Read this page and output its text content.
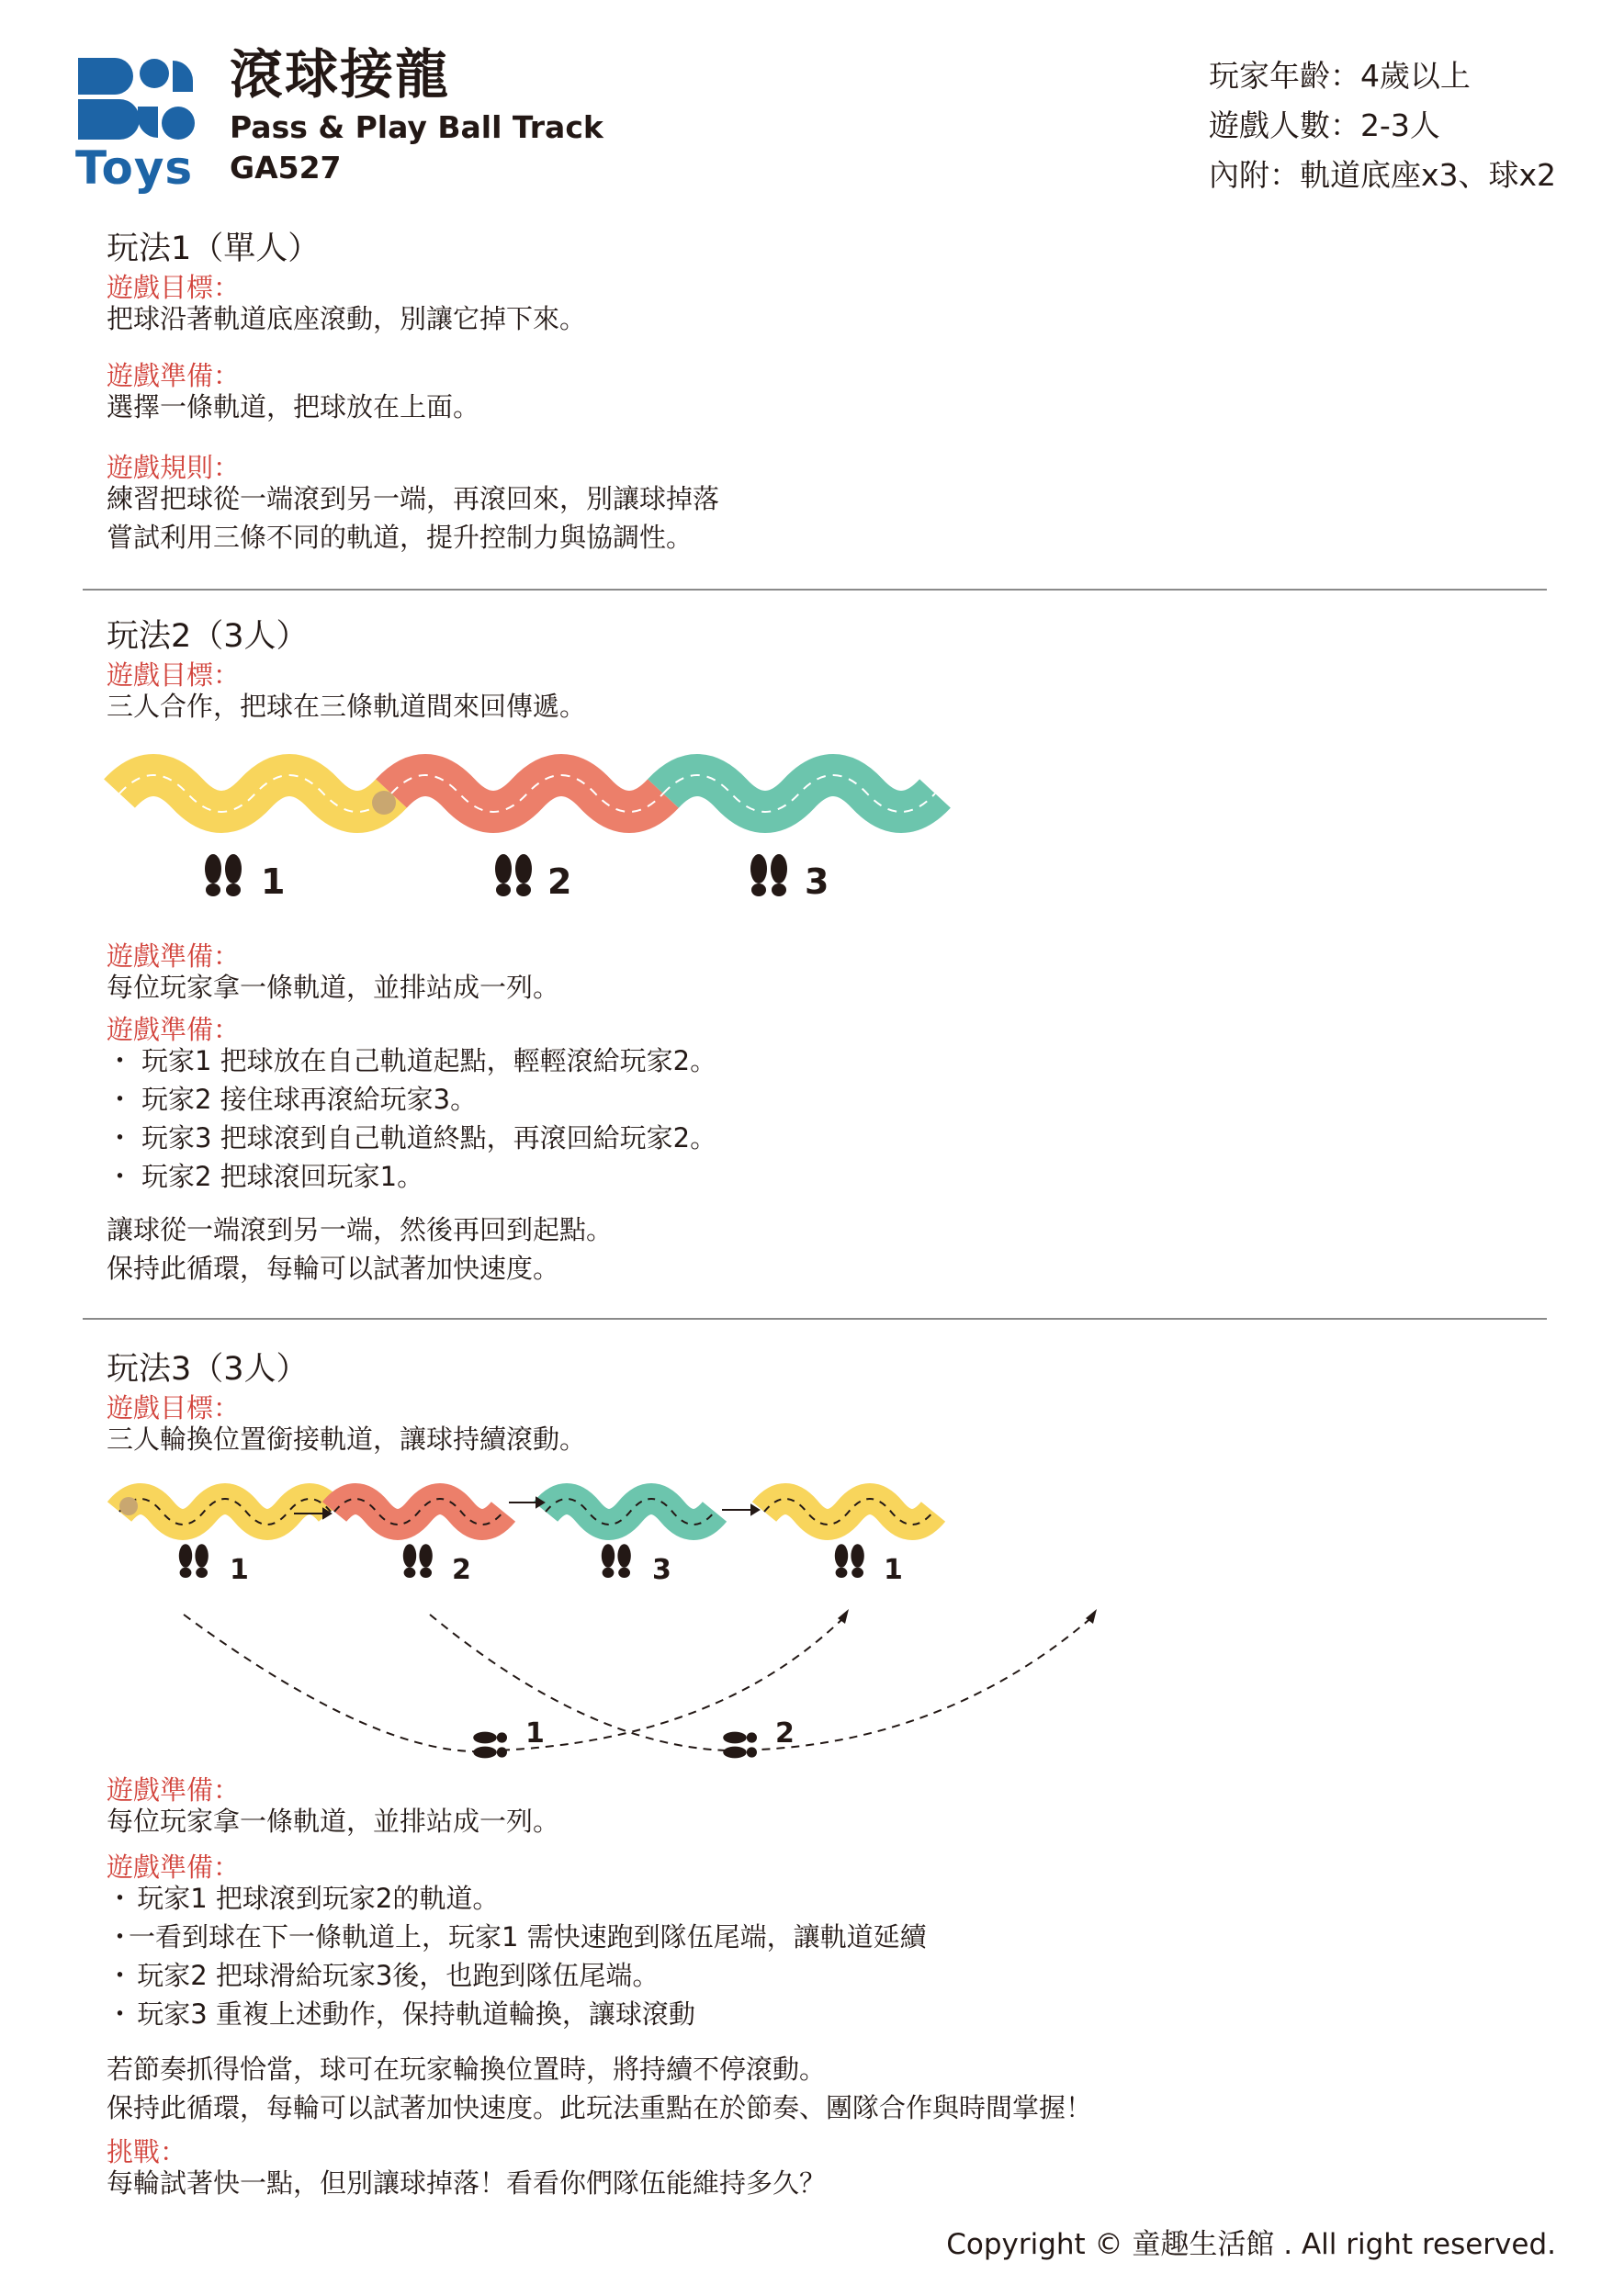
Toys
滾球接龍
Pass & Play Ball Track
GA527
玩家年齡：4歲以上
遊戲人數：2-3人
內附：軌道底座x3、球x2
玩法1（單人）
遊戲目標：
把球沿著軌道底座滾動，別讓它掉下來。
遊戲準備：
選擇一條軌道，把球放在上面。
遊戲規則：
練習把球從一端滾到另一端，再滾回來，別讓球掉落
嘗試利用三條不同的軌道，提升控制力與協調性。
玩法2（3人）
遊戲目標：
三人合作，把球在三條軌道間來回傳遞。
1	2	3
遊戲準備：
每位玩家拿一條軌道，並排站成一列。
遊戲準備：
・ 玩家1 把球放在自己軌道起點，輕輕滾給玩家2。
・ 玩家2 接住球再滾給玩家3。
・ 玩家3 把球滾到自己軌道終點，再滾回給玩家2。
・ 玩家2 把球滾回玩家1。
讓球從一端滾到另一端，然後再回到起點。
保持此循環，每輪可以試著加快速度。
玩法3（3人）
遊戲目標：
三人輪換位置銜接軌道，讓球持續滾動。
1	2	3	1
1	2
遊戲準備：
每位玩家拿一條軌道，並排站成一列。
遊戲準備：
・ 玩家1 把球滾到玩家2的軌道。
・一看到球在下一條軌道上，玩家1 需快速跑到隊伍尾端，讓軌道延續
・ 玩家2 把球滑給玩家3後，也跑到隊伍尾端。
・ 玩家3 重複上述動作，保持軌道輪換，讓球滾動
若節奏抓得恰當，球可在玩家輪換位置時，將持續不停滾動。
保持此循環，每輪可以試著加快速度。此玩法重點在於節奏、團隊合作與時間掌握！
挑戰：
每輪試著快一點，但別讓球掉落！看看你們隊伍能維持多久？
Copyright © 童趣生活館 . All right reserved.
